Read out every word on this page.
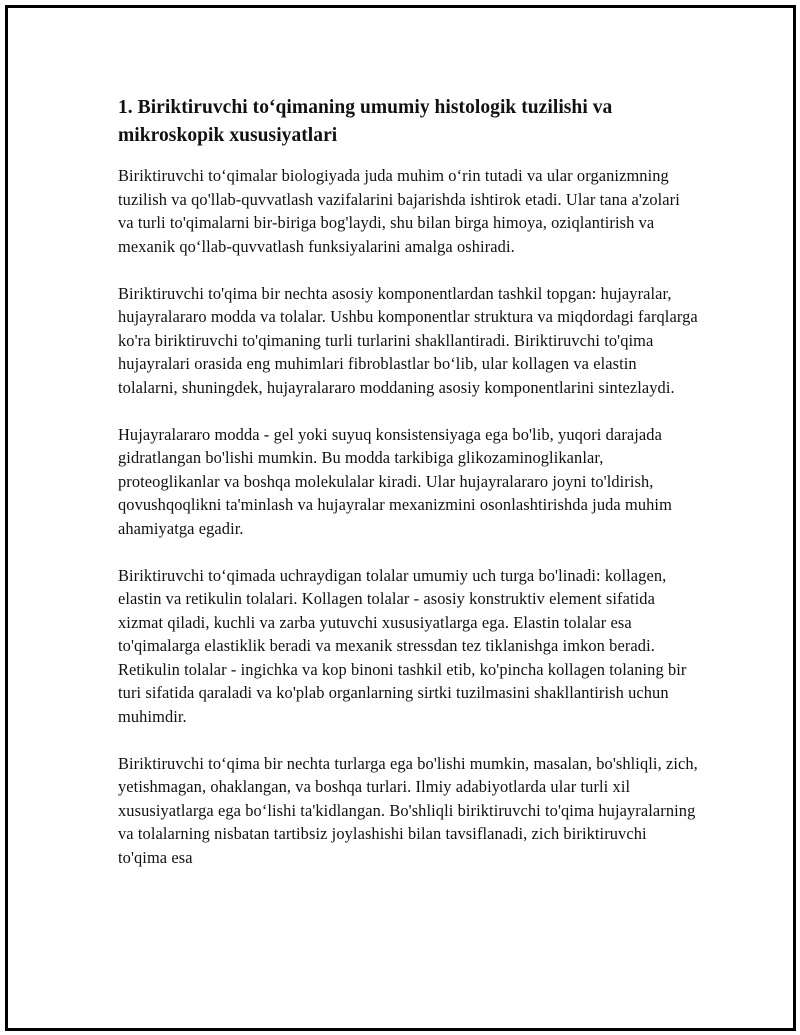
1. Biriktiruvchi to‘qimaning umumiy histologik tuzilishi va mikroskopik xususiyatlari

Biriktiruvchi to‘qimalar biologiyada juda muhim o‘rin tutadi va ular organizmning tuzilish va qo'llab-quvvatlash vazifalarini bajarishda ishtirok etadi. Ular tana a'zolari va turli to'qimalarni bir-biriga bog'laydi, shu bilan birga himoya, oziqlantirish va mexanik qo‘llab-quvvatlash funksiyalarini amalga oshiradi.

Biriktiruvchi to'qima bir nechta asosiy komponentlardan tashkil topgan: hujayralar, hujayralararo modda va tolalar. Ushbu komponentlar struktura va miqdordagi farqlarga ko'ra biriktiruvchi to'qimaning turli turlarini shakllantiradi. Biriktiruvchi to'qima hujayralari orasida eng muhimlari fibroblastlar bo‘lib, ular kollagen va elastin tolalarni, shuningdek, hujayralararo moddaning asosiy komponentlarini sintezlaydi.

Hujayralararo modda - gel yoki suyuq konsistensiyaga ega bo'lib, yuqori darajada gidratlangan bo'lishi mumkin. Bu modda tarkibiga glikozaminoglikanlar, proteoglikanlar va boshqa molekulalar kiradi. Ular hujayralararo joyni to'ldirish, qovushqoqlikni ta'minlash va hujayralar mexanizmini osonlashtirishda juda muhim ahamiyatga egadir.

Biriktiruvchi to‘qimada uchraydigan tolalar umumiy uch turga bo'linadi: kollagen, elastin va retikulin tolalari. Kollagen tolalar - asosiy konstruktiv element sifatida xizmat qiladi, kuchli va zarba yutuvchi xususiyatlarga ega. Elastin tolalar esa to'qimalarga elastiklik beradi va mexanik stressdan tez tiklanishga imkon beradi. Retikulin tolalar - ingichka va kop binoni tashkil etib, ko'pincha kollagen tolaning bir turi sifatida qaraladi va ko'plab organlarning sirtki tuzilmasini shakllantirish uchun muhimdir.

Biriktiruvchi to‘qima bir nechta turlarga ega bo'lishi mumkin, masalan, bo'shliqli, zich, yetishmagan, ohaklangan, va boshqa turlari. Ilmiy adabiyotlarda ular turli xil xususiyatlarga ega bo‘lishi ta'kidlangan. Bo'shliqli biriktiruvchi to'qima hujayralarning va tolalarning nisbatan tartibsiz joylashishi bilan tavsiflanadi, zich biriktiruvchi to'qima esa
